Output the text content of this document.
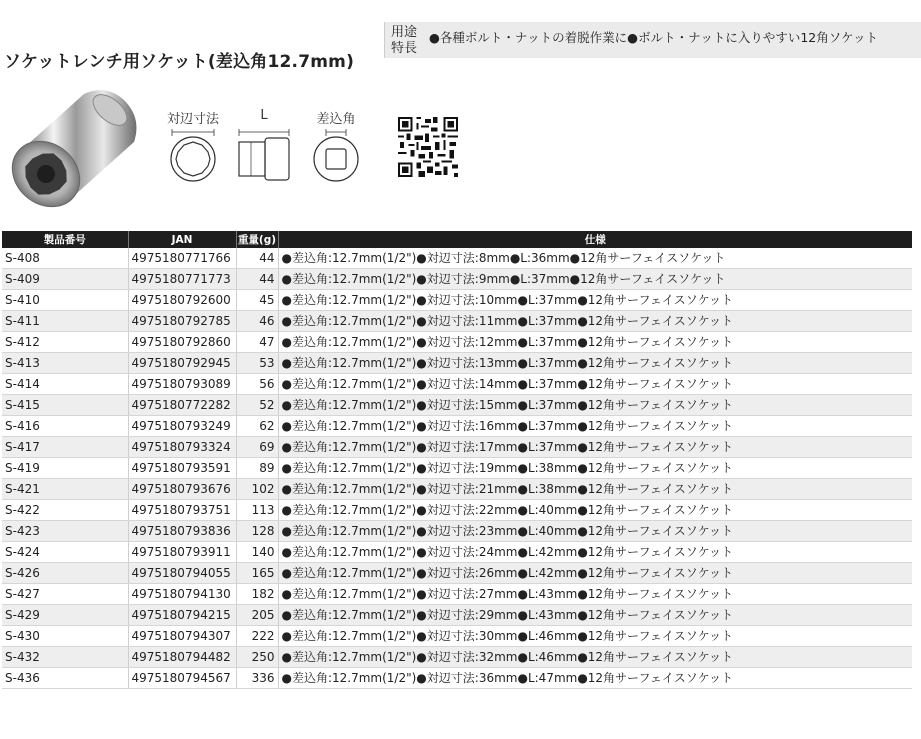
ソケットレンチ用ソケット(差込角12.7mm)
用途
特長
●各種ボルト・ナットの着脱作業に●ボルト・ナットに入りやすい12角ソケット
対辺寸法	L	差込角
製品番号	JAN	重量(g)	仕様
S-408	4975180771766	44	●差込角:12.7mm(1/2")●対辺寸法:8mm●L:36mm●12角サーフェイスソケット
S-409	4975180771773	44	●差込角:12.7mm(1/2")●対辺寸法:9mm●L:37mm●12角サーフェイスソケット
S-410	4975180792600	45	●差込角:12.7mm(1/2")●対辺寸法:10mm●L:37mm●12角サーフェイスソケット
S-411	4975180792785	46	●差込角:12.7mm(1/2")●対辺寸法:11mm●L:37mm●12角サーフェイスソケット
S-412	4975180792860	47	●差込角:12.7mm(1/2")●対辺寸法:12mm●L:37mm●12角サーフェイスソケット
S-413	4975180792945	53	●差込角:12.7mm(1/2")●対辺寸法:13mm●L:37mm●12角サーフェイスソケット
S-414	4975180793089	56	●差込角:12.7mm(1/2")●対辺寸法:14mm●L:37mm●12角サーフェイスソケット
S-415	4975180772282	52	●差込角:12.7mm(1/2")●対辺寸法:15mm●L:37mm●12角サーフェイスソケット
S-416	4975180793249	62	●差込角:12.7mm(1/2")●対辺寸法:16mm●L:37mm●12角サーフェイスソケット
S-417	4975180793324	69	●差込角:12.7mm(1/2")●対辺寸法:17mm●L:37mm●12角サーフェイスソケット
S-419	4975180793591	89	●差込角:12.7mm(1/2")●対辺寸法:19mm●L:38mm●12角サーフェイスソケット
S-421	4975180793676	102	●差込角:12.7mm(1/2")●対辺寸法:21mm●L:38mm●12角サーフェイスソケット
S-422	4975180793751	113	●差込角:12.7mm(1/2")●対辺寸法:22mm●L:40mm●12角サーフェイスソケット
S-423	4975180793836	128	●差込角:12.7mm(1/2")●対辺寸法:23mm●L:40mm●12角サーフェイスソケット
S-424	4975180793911	140	●差込角:12.7mm(1/2")●対辺寸法:24mm●L:42mm●12角サーフェイスソケット
S-426	4975180794055	165	●差込角:12.7mm(1/2")●対辺寸法:26mm●L:42mm●12角サーフェイスソケット
S-427	4975180794130	182	●差込角:12.7mm(1/2")●対辺寸法:27mm●L:43mm●12角サーフェイスソケット
S-429	4975180794215	205	●差込角:12.7mm(1/2")●対辺寸法:29mm●L:43mm●12角サーフェイスソケット
S-430	4975180794307	222	●差込角:12.7mm(1/2")●対辺寸法:30mm●L:46mm●12角サーフェイスソケット
S-432	4975180794482	250	●差込角:12.7mm(1/2")●対辺寸法:32mm●L:46mm●12角サーフェイスソケット
S-436	4975180794567	336	●差込角:12.7mm(1/2")●対辺寸法:36mm●L:47mm●12角サーフェイスソケット
